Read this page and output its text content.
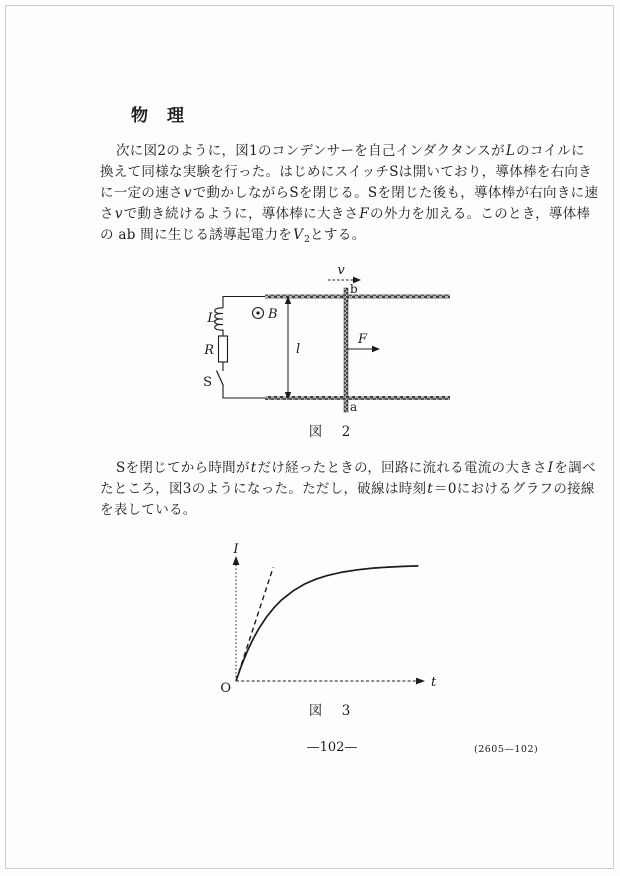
物　理
次に図2のように，図1のコンデンサーを自己インダクタンスがLのコイルに
換えて同様な実験を行った。はじめにスイッチSは開いており，導体棒を右向き
に一定の速さvで動かしながらSを閉じる。Sを閉じた後も，導体棒が右向きに速
さvで動き続けるように，導体棒に大きさFの外力を加える。このとき，導体棒
の ab 間に生じる誘導起電力を$V_2$とする。
L
R
S
B
v
F
l
b
a
図　2
Sを閉じてから時間がtだけ経ったときの，回路に流れる電流の大きさIを調べ
たところ，図3のようになった。ただし，破線は時刻t＝0におけるグラフの接線
を表している。
I
t
O
図　3
—102—	(2605—102)
